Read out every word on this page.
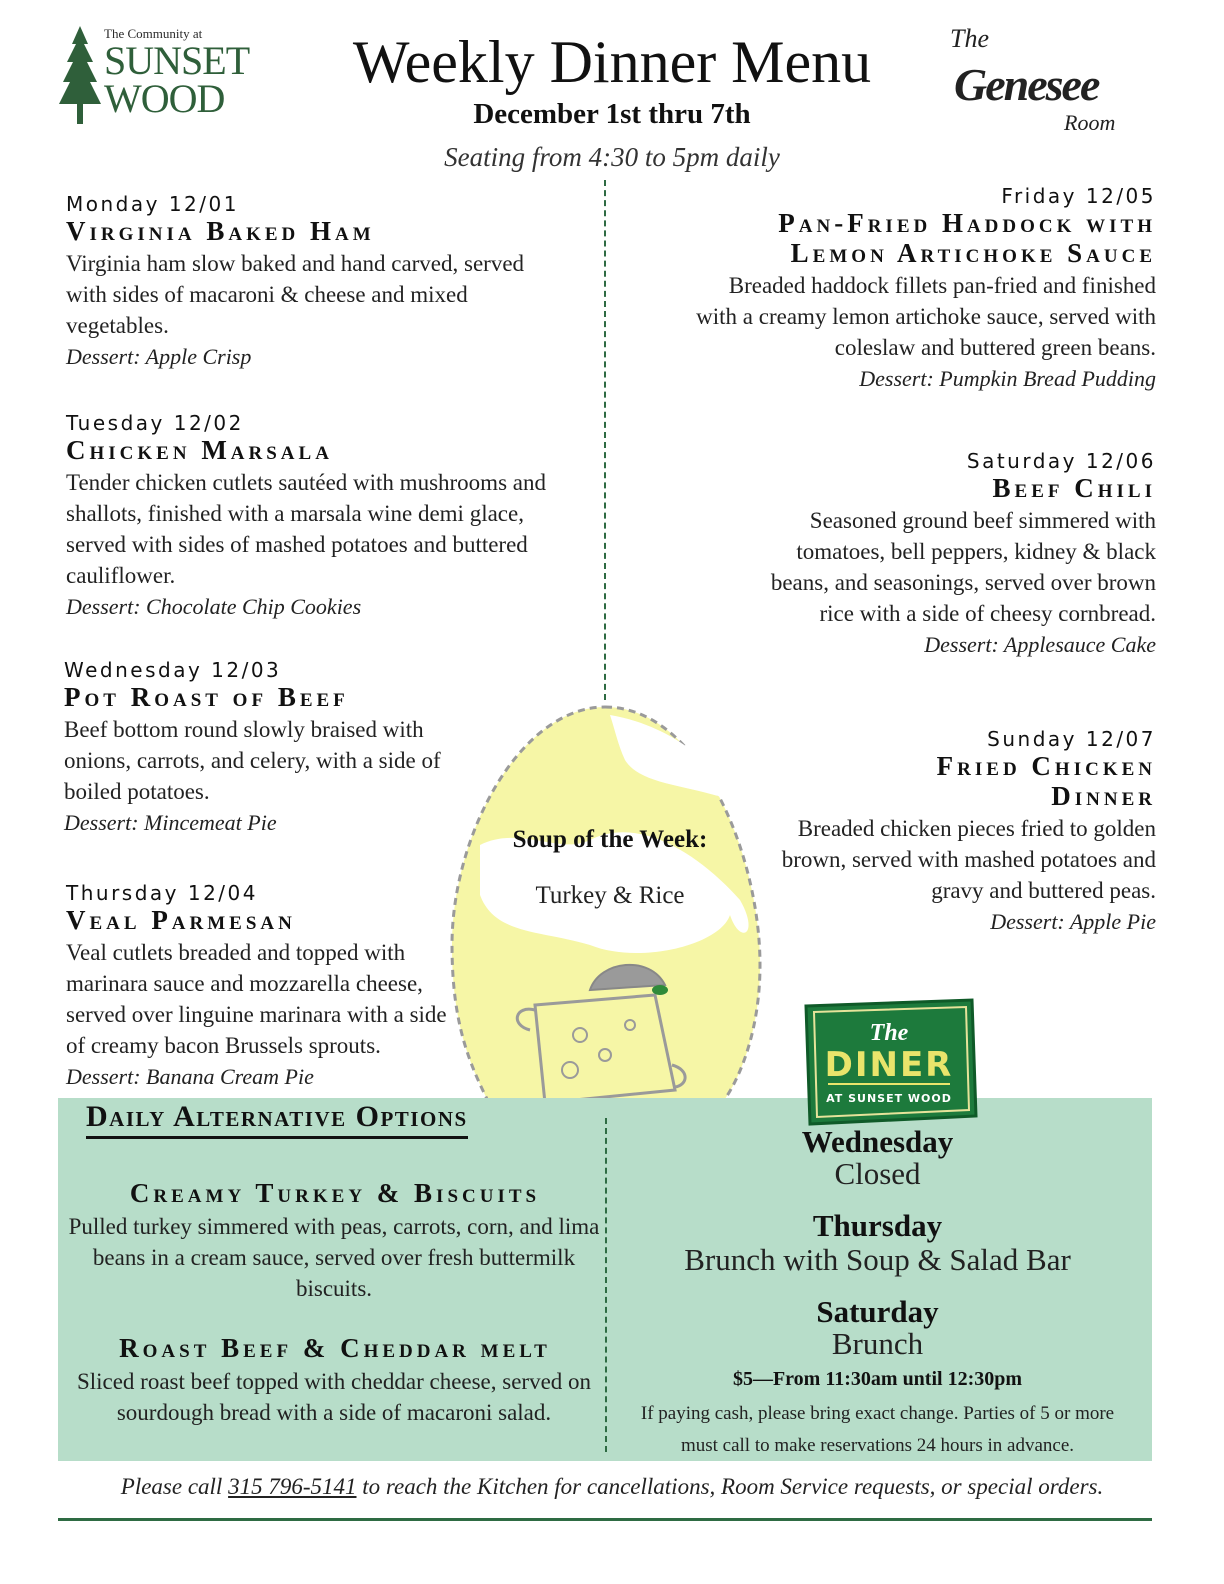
The Community at
SUNSET
WOOD
Weekly Dinner Menu
December 1st thru 7th
Seating from 4:30 to 5pm daily
The
Genesee
Room
Monday 12/01
Virginia Baked Ham
Virginia ham slow baked and hand carved, served with sides of macaroni & cheese and mixed vegetables.
Dessert: Apple Crisp
Tuesday 12/02
Chicken Marsala
Tender chicken cutlets sautéed with mushrooms and shallots, finished with a marsala wine demi glace, served with sides of mashed potatoes and buttered cauliflower.
Dessert: Chocolate Chip Cookies
Wednesday 12/03
Pot Roast of Beef
Beef bottom round slowly braised with onions, carrots, and celery, with a side of boiled potatoes.
Dessert: Mincemeat Pie
Thursday 12/04
Veal Parmesan
Veal cutlets breaded and topped with marinara sauce and mozzarella cheese, served over linguine marinara with a side of creamy bacon Brussels sprouts.
Dessert: Banana Cream Pie
Friday 12/05
Pan-Fried Haddock with
Lemon Artichoke Sauce
Breaded haddock fillets pan-fried and finished with a creamy lemon artichoke sauce, served with coleslaw and buttered green beans.
Dessert: Pumpkin Bread Pudding
Saturday 12/06
Beef Chili
Seasoned ground beef simmered with tomatoes, bell peppers, kidney & black beans, and seasonings, served over brown rice with a side of cheesy cornbread.
Dessert: Applesauce Cake
Sunday 12/07
Fried Chicken
Dinner
Breaded chicken pieces fried to golden brown, served with mashed potatoes and gravy and buttered peas.
Dessert: Apple Pie
Soup of the Week:
Turkey & Rice
Daily Alternative Options
Creamy Turkey & Biscuits
Pulled turkey simmered with peas, carrots, corn, and lima beans in a cream sauce, served over fresh buttermilk biscuits.
Roast Beef & Cheddar melt
Sliced roast beef topped with cheddar cheese, served on sourdough bread with a side of macaroni salad.
The
DINER
AT SUNSET WOOD
Wednesday
Closed
Thursday
Brunch with Soup & Salad Bar
Saturday
Brunch
$5—From 11:30am until 12:30pm
If paying cash, please bring exact change. Parties of 5 or more
must call to make reservations 24 hours in advance.
Please call 315 796-5141 to reach the Kitchen for cancellations, Room Service requests, or special orders.
